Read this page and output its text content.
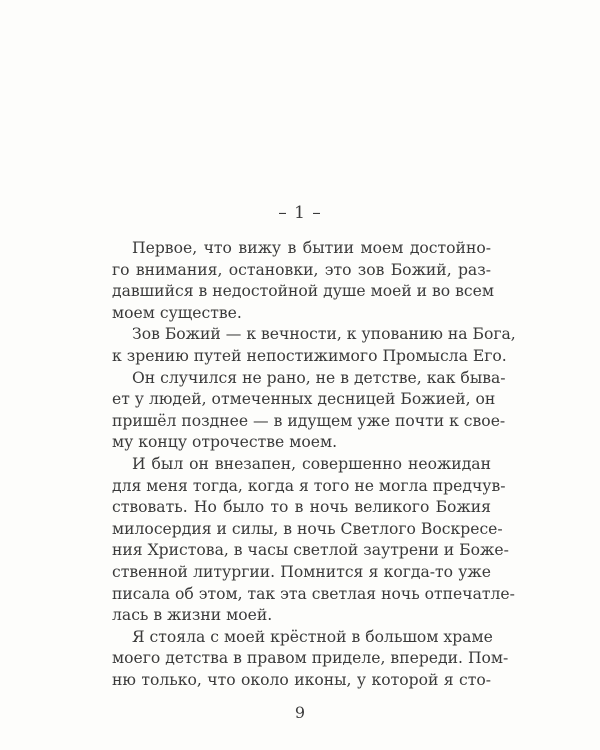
– 1 –
Первое, что вижу в бытии моем достойно-
го внимания, остановки, это зов Божий, раз-
давшийся в недостойной душе моей и во всем
моем существе.
Зов Божий — к вечности, к упованию на Бога,
к зрению путей непостижимого Промысла Его.
Он случился не рано, не в детстве, как быва-
ет у людей, отмеченных десницей Божией, он
пришёл позднее — в идущем уже почти к свое-
му концу отрочестве моем.
И был он внезапен, совершенно неожидан
для меня тогда, когда я того не могла предчув-
ствовать. Но было то в ночь великого Божия
милосердия и силы, в ночь Светлого Воскресе-
ния Христова, в часы светлой заутрени и Боже-
ственной литургии. Помнится я когда-то уже
писала об этом, так эта светлая ночь отпечатле-
лась в жизни моей.
Я стояла с моей крёстной в большом храме
моего детства в правом приделе, впереди. Пом-
ню только, что около иконы, у которой я сто-
9
